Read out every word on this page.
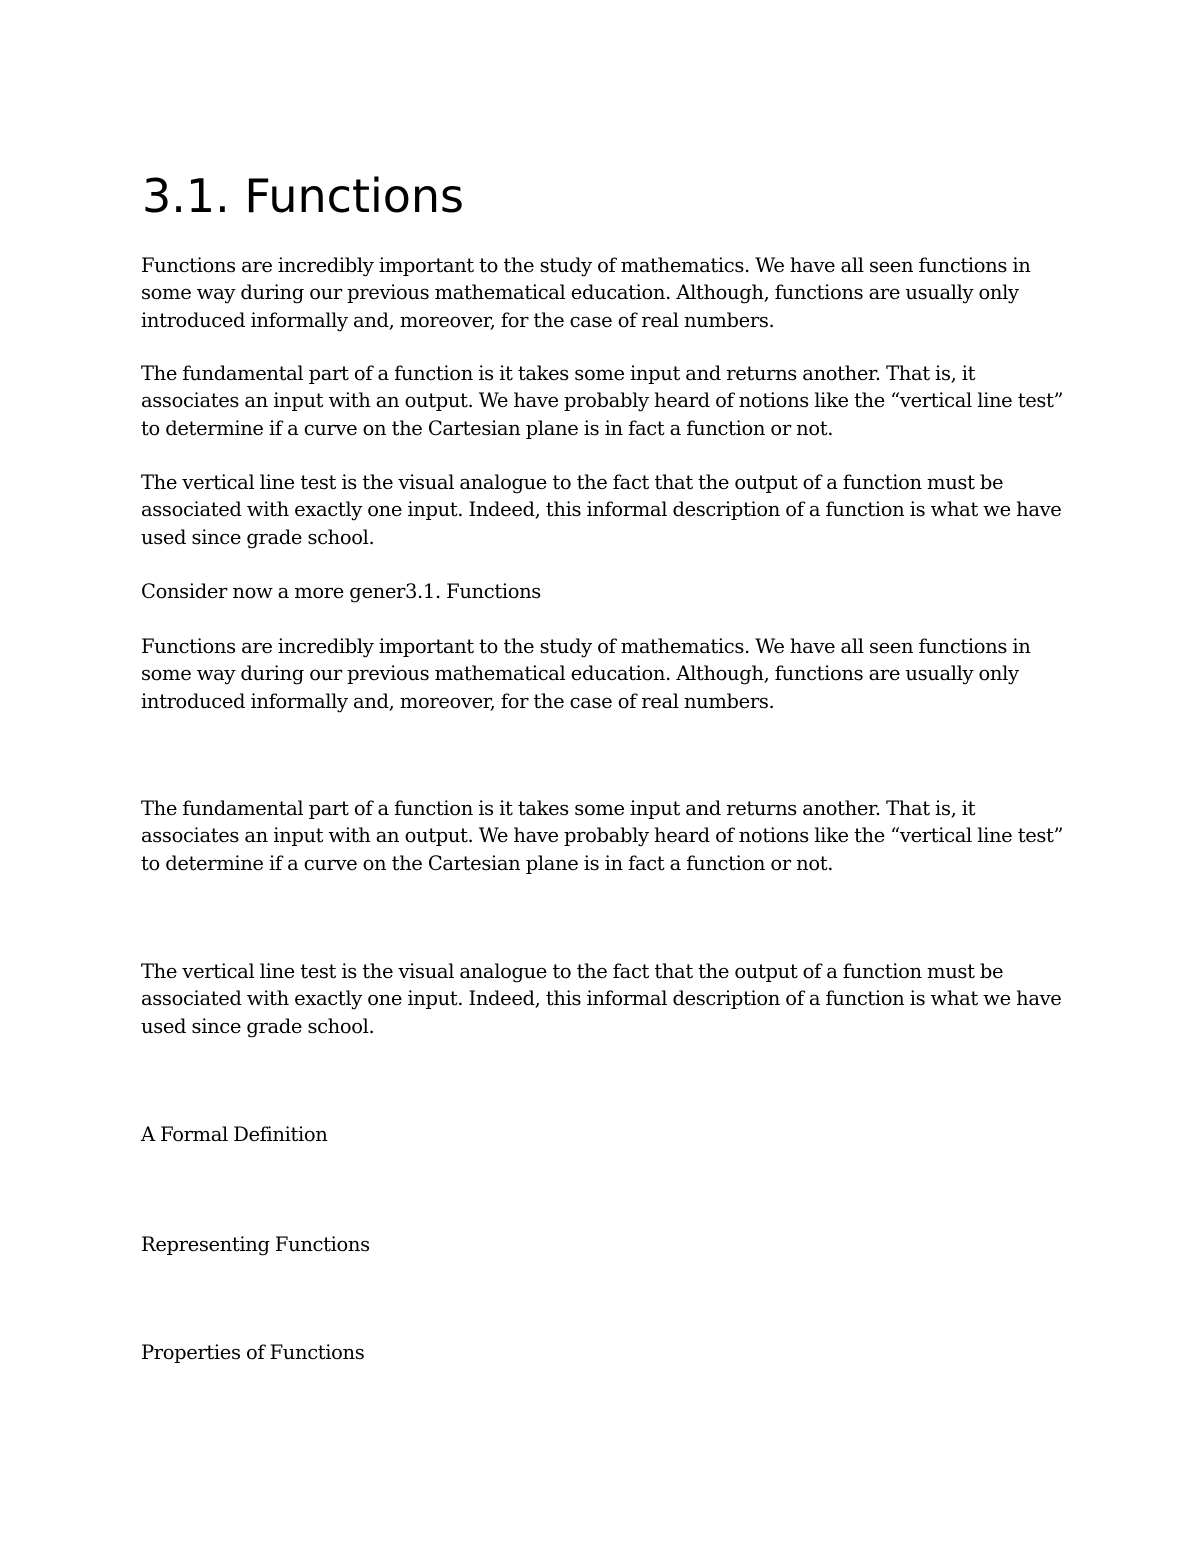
3.1. Functions

Functions are incredibly important to the study of mathematics. We have all seen functions in
some way during our previous mathematical education. Although, functions are usually only
introduced informally and, moreover, for the case of real numbers.

The fundamental part of a function is it takes some input and returns another. That is, it
associates an input with an output. We have probably heard of notions like the “vertical line test”
to determine if a curve on the Cartesian plane is in fact a function or not.

The vertical line test is the visual analogue to the fact that the output of a function must be
associated with exactly one input. Indeed, this informal description of a function is what we have
used since grade school.

Consider now a more gener3.1. Functions

Functions are incredibly important to the study of mathematics. We have all seen functions in
some way during our previous mathematical education. Although, functions are usually only
introduced informally and, moreover, for the case of real numbers.

The fundamental part of a function is it takes some input and returns another. That is, it
associates an input with an output. We have probably heard of notions like the “vertical line test”
to determine if a curve on the Cartesian plane is in fact a function or not.

The vertical line test is the visual analogue to the fact that the output of a function must be
associated with exactly one input. Indeed, this informal description of a function is what we have
used since grade school.

A Formal Definition

Representing Functions

Properties of Functions
